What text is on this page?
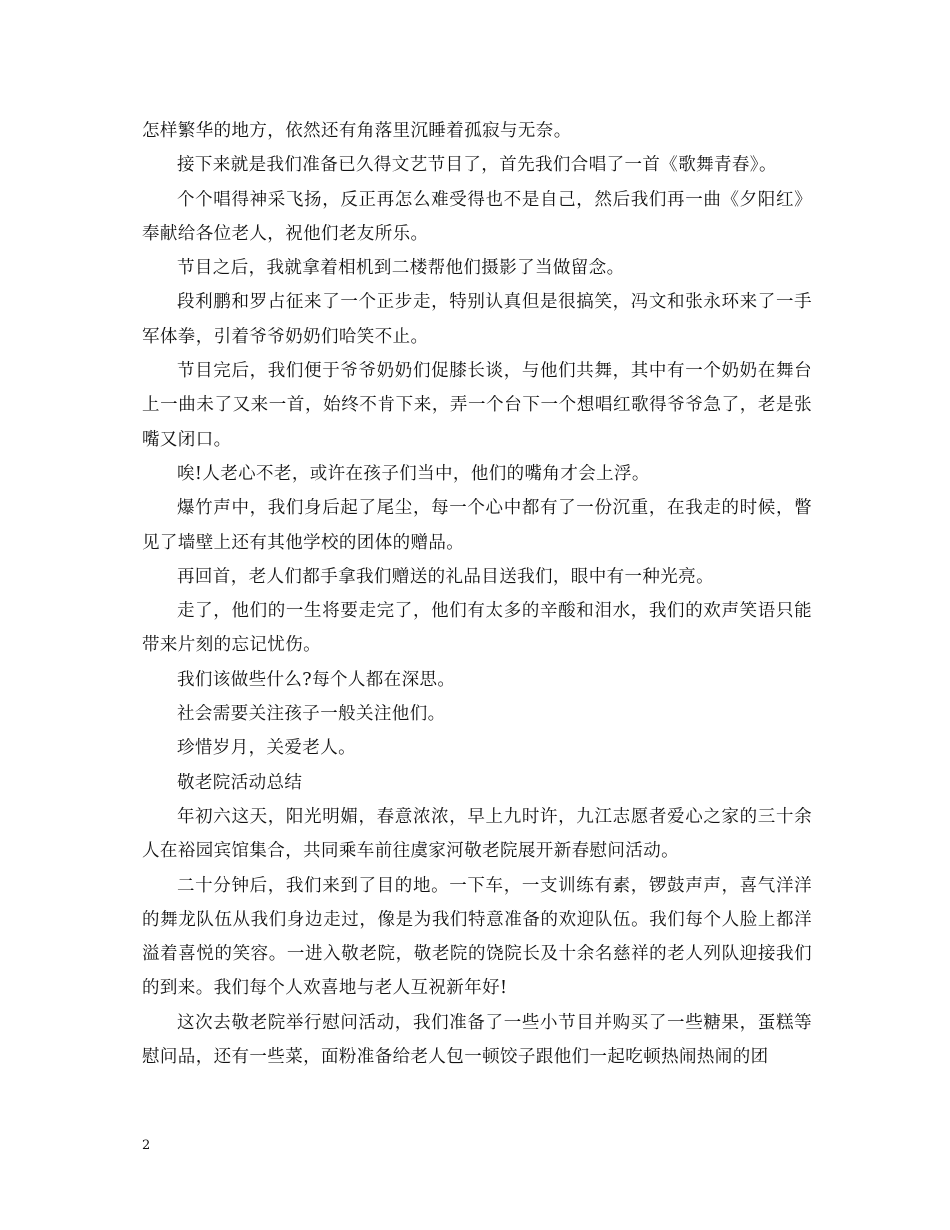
怎样繁华的地方，依然还有角落里沉睡着孤寂与无奈。

接下来就是我们准备已久得文艺节目了，首先我们合唱了一首《歌舞青春》。

个个唱得神采飞扬，反正再怎么难受得也不是自己，然后我们再一曲《夕阳红》奉献给各位老人，祝他们老友所乐。

节目之后，我就拿着相机到二楼帮他们摄影了当做留念。

段利鹏和罗占征来了一个正步走，特别认真但是很搞笑，冯文和张永环来了一手军体拳，引着爷爷奶奶们哈笑不止。

节目完后，我们便于爷爷奶奶们促膝长谈，与他们共舞，其中有一个奶奶在舞台上一曲未了又来一首，始终不肯下来，弄一个台下一个想唱红歌得爷爷急了，老是张嘴又闭口。

唉!人老心不老，或许在孩子们当中，他们的嘴角才会上浮。

爆竹声中，我们身后起了尾尘，每一个心中都有了一份沉重，在我走的时候，瞥见了墙壁上还有其他学校的团体的赠品。

再回首，老人们都手拿我们赠送的礼品目送我们，眼中有一种光亮。

走了，他们的一生将要走完了，他们有太多的辛酸和泪水，我们的欢声笑语只能带来片刻的忘记忧伤。

我们该做些什么?每个人都在深思。

社会需要关注孩子一般关注他们。

珍惜岁月，关爱老人。

敬老院活动总结

年初六这天，阳光明媚，春意浓浓，早上九时许，九江志愿者爱心之家的三十余人在裕园宾馆集合，共同乘车前往虞家河敬老院展开新春慰问活动。

二十分钟后，我们来到了目的地。一下车，一支训练有素，锣鼓声声，喜气洋洋的舞龙队伍从我们身边走过，像是为我们特意准备的欢迎队伍。我们每个人脸上都洋溢着喜悦的笑容。一进入敬老院，敬老院的饶院长及十余名慈祥的老人列队迎接我们的到来。我们每个人欢喜地与老人互祝新年好!

这次去敬老院举行慰问活动，我们准备了一些小节目并购买了一些糖果，蛋糕等慰问品，还有一些菜，面粉准备给老人包一顿饺子跟他们一起吃顿热闹热闹的团

2
